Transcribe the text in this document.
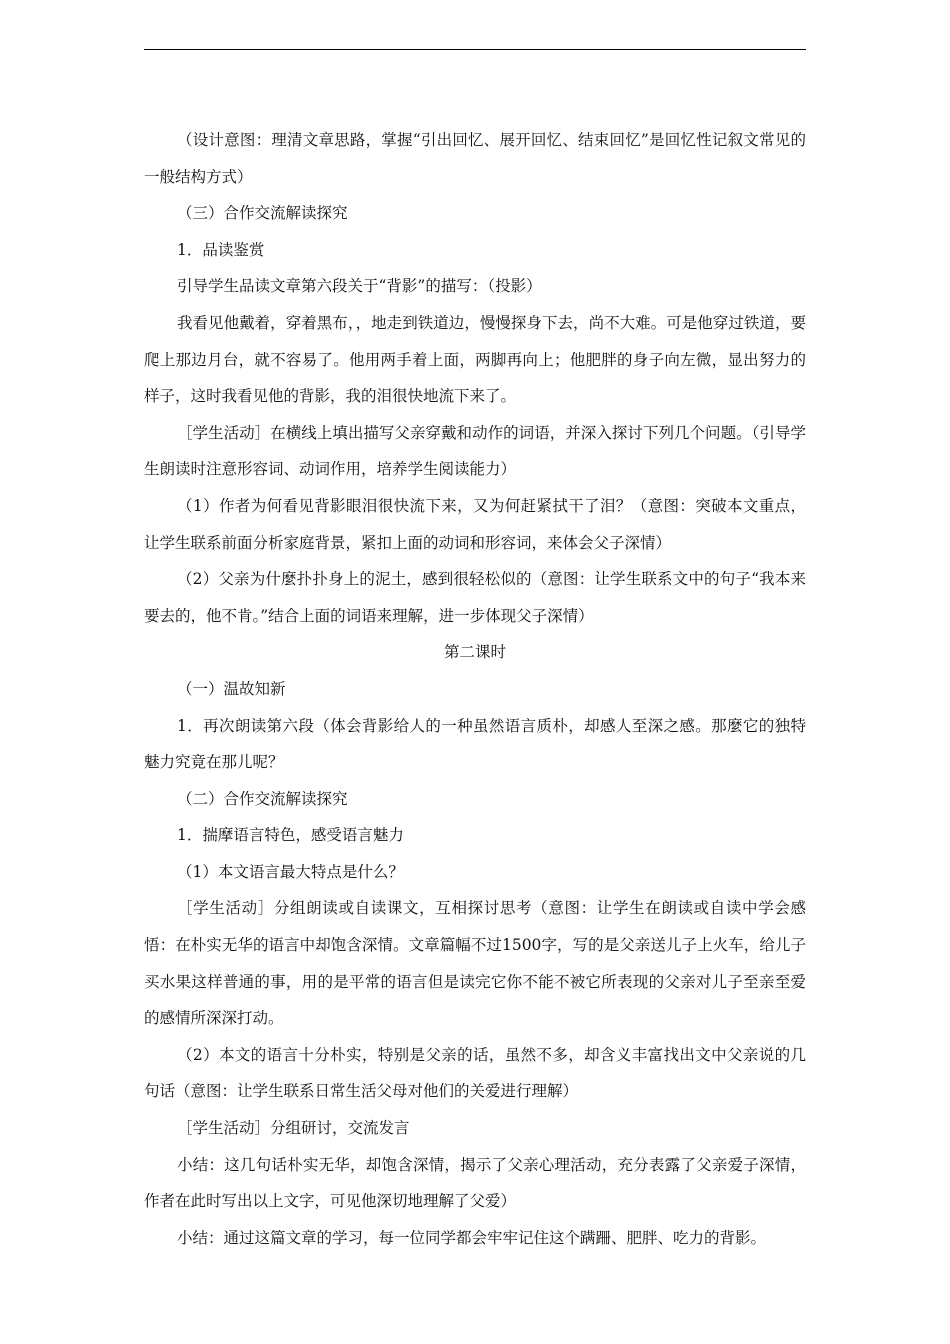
（设计意图：理清文章思路，掌握“引出回忆、展开回忆、结束回忆”是回忆性记叙文常见的一般结构方式）

（三）合作交流解读探究

1．品读鉴赏

引导学生品读文章第六段关于“背影”的描写：（投影）

我看见他戴着，穿着黑布，，地走到铁道边，慢慢探身下去，尚不大难。可是他穿过铁道，要爬上那边月台，就不容易了。他用两手着上面，两脚再向上；他肥胖的身子向左微，显出努力的样子，这时我看见他的背影，我的泪很快地流下来了。

［学生活动］在横线上填出描写父亲穿戴和动作的词语，并深入探讨下列几个问题。（引导学生朗读时注意形容词、动词作用，培养学生阅读能力）

（1）作者为何看见背影眼泪很快流下来，又为何赶紧拭干了泪？（意图：突破本文重点，让学生联系前面分析家庭背景，紧扣上面的动词和形容词，来体会父子深情）

（2）父亲为什麼扑扑身上的泥土，感到很轻松似的（意图：让学生联系文中的句子“我本来要去的，他不肯。”结合上面的词语来理解，进一步体现父子深情）

第二课时

（一）温故知新

1．再次朗读第六段（体会背影给人的一种虽然语言质朴，却感人至深之感。那麼它的独特魅力究竟在那儿呢？

（二）合作交流解读探究

1．揣摩语言特色，感受语言魅力

（1）本文语言最大特点是什么？

［学生活动］分组朗读或自读课文，互相探讨思考（意图：让学生在朗读或自读中学会感悟：在朴实无华的语言中却饱含深情。文章篇幅不过1500字，写的是父亲送儿子上火车，给儿子买水果这样普通的事，用的是平常的语言但是读完它你不能不被它所表现的父亲对儿子至亲至爱的感情所深深打动。

（2）本文的语言十分朴实，特别是父亲的话，虽然不多，却含义丰富找出文中父亲说的几句话（意图：让学生联系日常生活父母对他们的关爱进行理解）

［学生活动］分组研讨，交流发言

小结：这几句话朴实无华，却饱含深情，揭示了父亲心理活动，充分表露了父亲爱子深情，作者在此时写出以上文字，可见他深切地理解了父爱）

小结：通过这篇文章的学习，每一位同学都会牢牢记住这个蹒跚、肥胖、吃力的背影。
